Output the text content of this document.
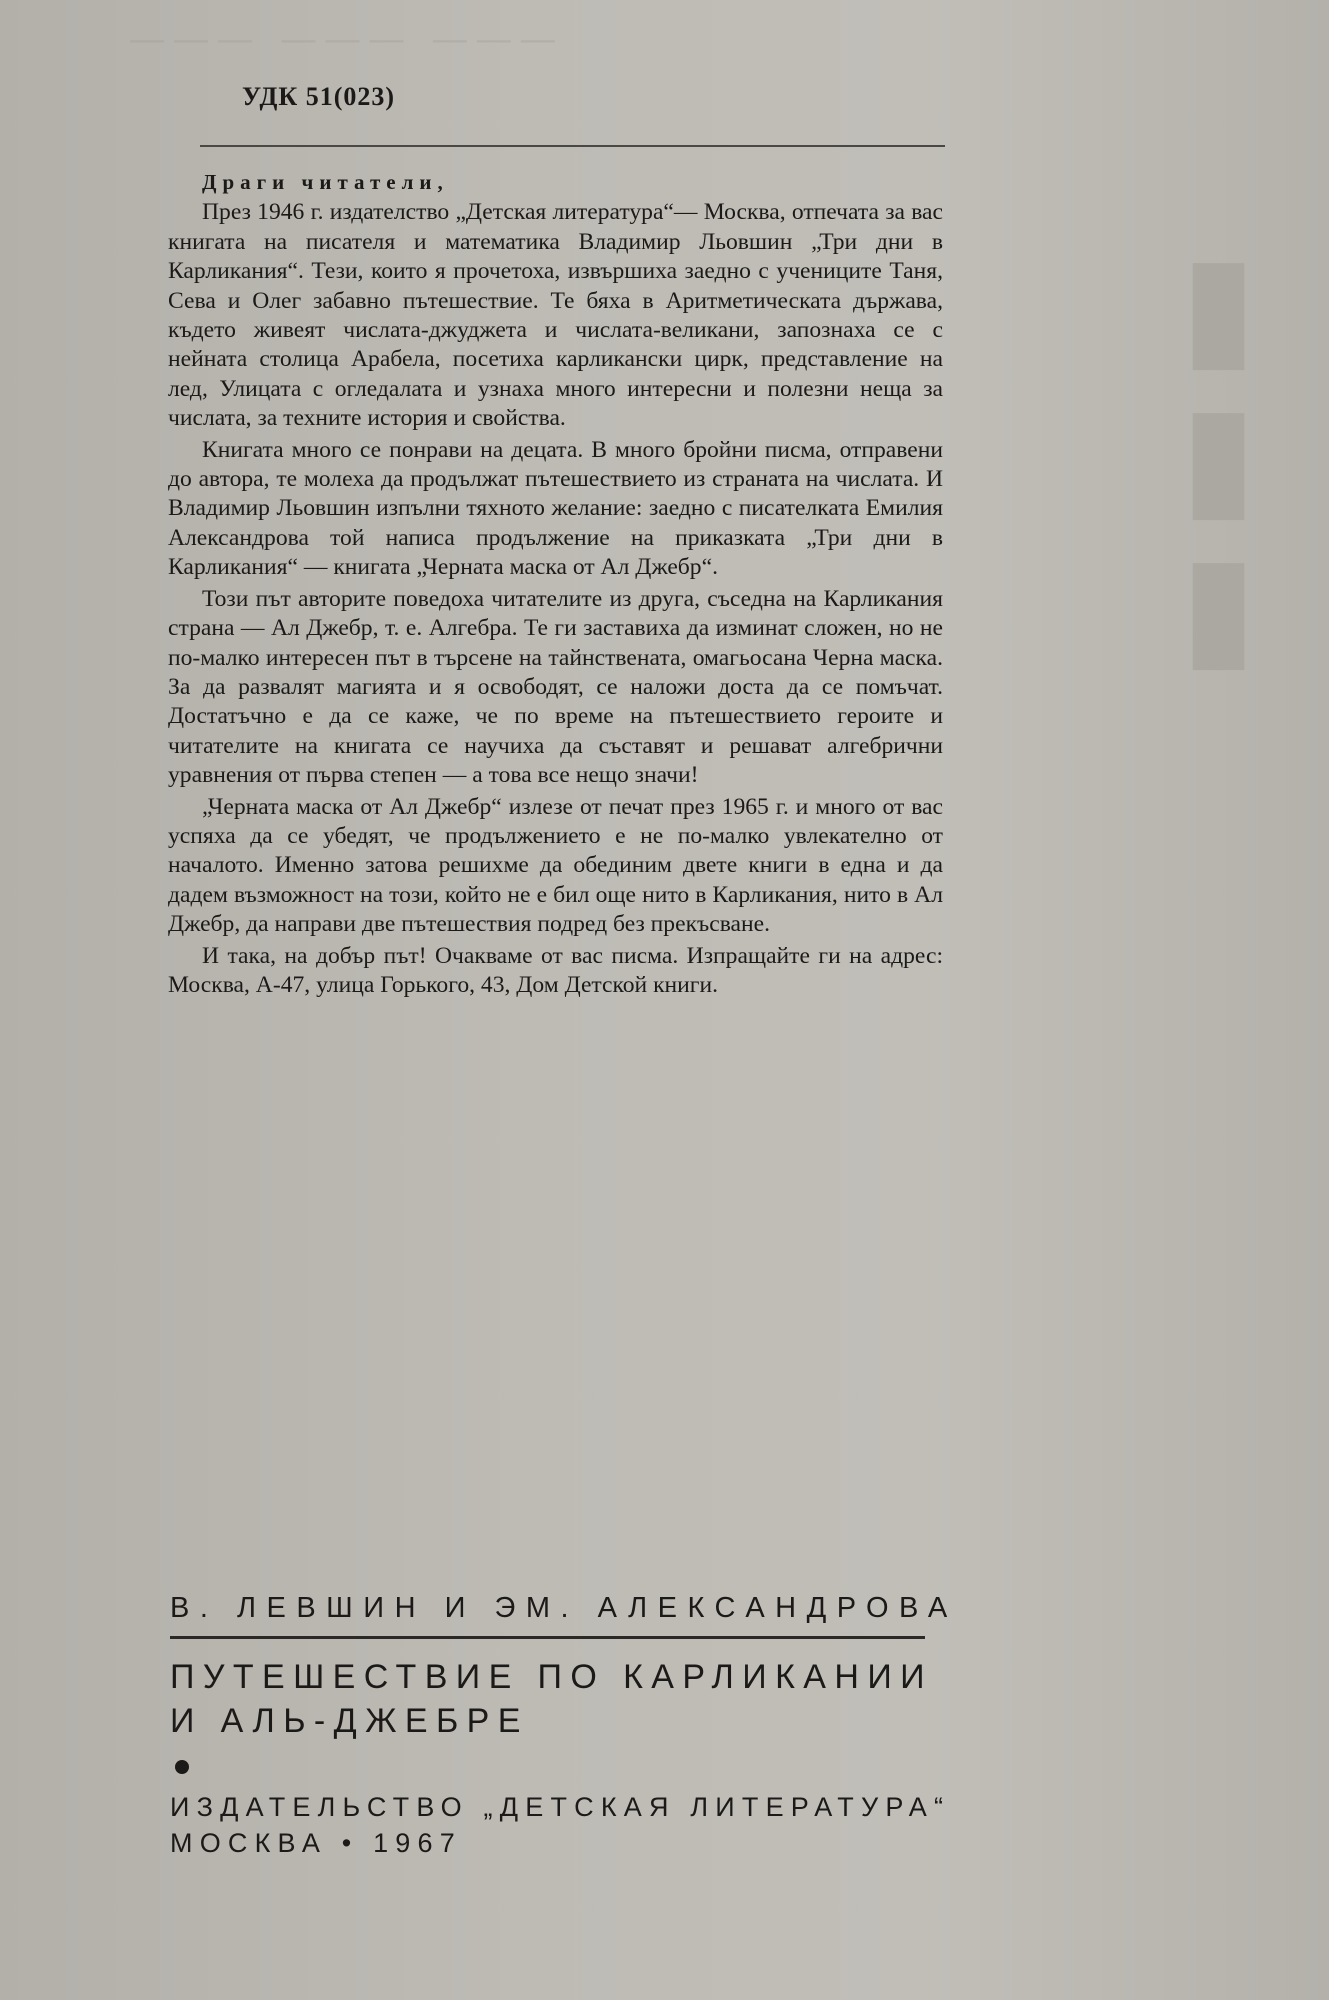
——— ——— ———
▮
▮
▮
УДК 51(023)
Драги читатели,

През 1946 г. издателство „Детская литература“— Москва, отпечата за вас книгата на писателя и математика Владимир Льовшин „Три дни в Карликания“. Тези, които я прочетоха, извършиха заедно с учениците Таня, Сева и Олег забавно пътешествие. Те бяха в Аритметическата държава, където живеят числата-джуджета и числата-великани, запознаха се с нейната столица Арабела, посетиха карликански цирк, представление на лед, Улицата с огледалата и узнаха много интересни и полезни неща за числата, за техните история и свойства.

Книгата много се понрави на децата. В много бройни писма, отправени до автора, те молеха да продължат пътешествието из страната на числата. И Владимир Льовшин изпълни тяхното желание: заедно с писателката Емилия Александрова той написа продължение на приказката „Три дни в Карликания“ — книгата „Черната маска от Ал Джебр“.

Този път авторите поведоха читателите из друга, съседна на Карликания страна — Ал Джебр, т. е. Алгебра. Те ги заставиха да изминат сложен, но не по-малко интересен път в търсене на тайнствената, омагьосана Черна маска. За да развалят магията и я освободят, се наложи доста да се помъчат. Достатъчно е да се каже, че по време на пътешествието героите и читателите на книгата се научиха да съставят и решават алгебрични уравнения от първа степен — а това все нещо значи!

„Черната маска от Ал Джебр“ излезе от печат през 1965 г. и много от вас успяха да се убедят, че продължението е не по-малко увлекателно от началото. Именно затова решихме да обединим двете книги в една и да дадем възможност на този, който не е бил още нито в Карликания, нито в Ал Джебр, да направи две пътешествия подред без прекъсване.

И така, на добър път! Очакваме от вас писма. Изпращайте ги на адрес: Москва, А-47, улица Горького, 43, Дом Детской книги.

В. ЛЕВШИН И ЭМ. АЛЕКСАНДРОВА
ПУТЕШЕСТВИЕ ПО КАРЛИКАНИИ
И АЛЬ-ДЖЕБРЕ
ИЗДАТЕЛЬСТВО „ДЕТСКАЯ ЛИТЕРАТУРА“
МОСКВА • 1967
